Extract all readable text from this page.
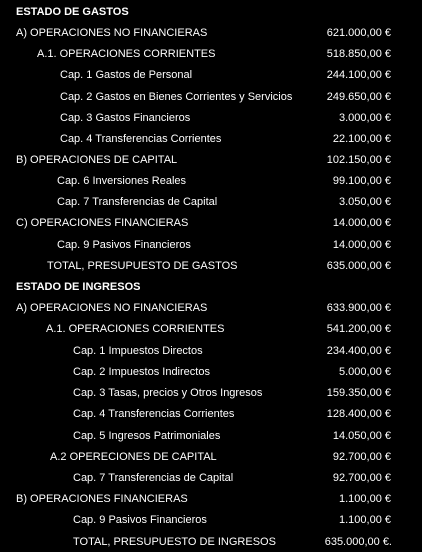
ESTADO DE GASTOS
A) OPERACIONES NO FINANCIERAS	621.000,00 €
A.1. OPERACIONES CORRIENTES	518.850,00 €
Cap. 1 Gastos de Personal	244.100,00 €
Cap. 2 Gastos en Bienes Corrientes y Servicios	249.650,00 €
Cap. 3 Gastos Financieros	3.000,00 €
Cap. 4 Transferencias Corrientes	22.100,00 €
B) OPERACIONES DE CAPITAL	102.150,00 €
Cap. 6 Inversiones Reales	99.100,00 €
Cap. 7 Transferencias de Capital	3.050,00 €
C) OPERACIONES FINANCIERAS	14.000,00 €
Cap. 9 Pasivos Financieros	14.000,00 €
TOTAL, PRESUPUESTO DE GASTOS	635.000,00 €
ESTADO DE INGRESOS
A) OPERACIONES NO FINANCIERAS	633.900,00 €
A.1. OPERACIONES CORRIENTES	541.200,00 €
Cap. 1 Impuestos Directos	234.400,00 €
Cap. 2 Impuestos Indirectos	5.000,00 €
Cap. 3 Tasas, precios y Otros Ingresos	159.350,00 €
Cap. 4 Transferencias Corrientes	128.400,00 €
Cap. 5 Ingresos Patrimoniales	14.050,00 €
A.2 OPERECIONES DE CAPITAL	92.700,00 €
Cap. 7 Transferencias de Capital	92.700,00 €
B) OPERACIONES FINANCIERAS	1.100,00 €
Cap. 9 Pasivos Financieros	1.100,00 €
TOTAL, PRESUPUESTO DE INGRESOS	635.000,00 €.
